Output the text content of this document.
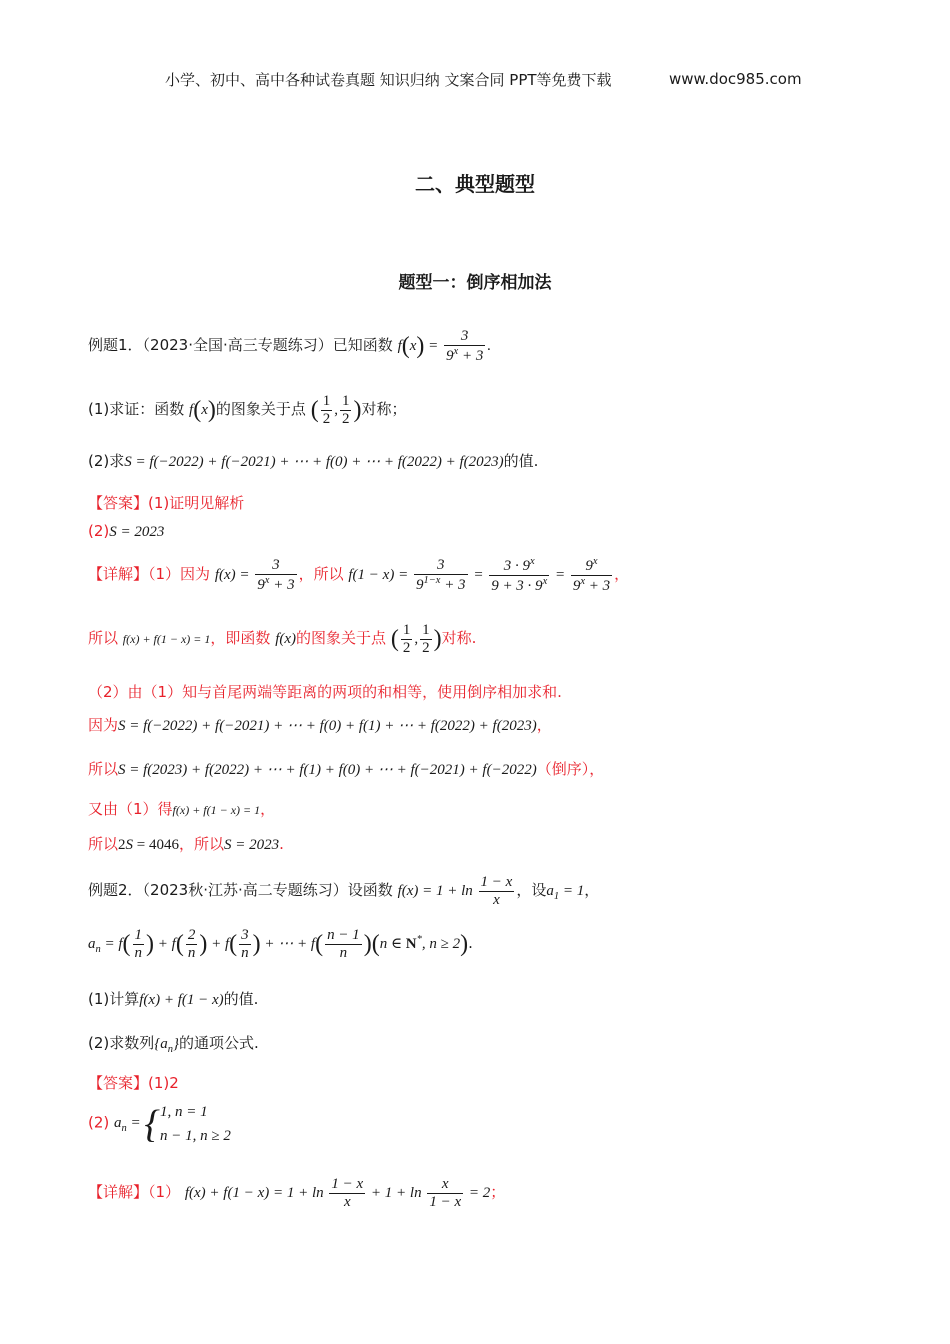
小学、初中、高中各种试卷真题 知识归纳 文案合同 PPT等免费下载	www.doc985.com
二、典型题型
题型一：倒序相加法
例题1．（2023·全国·高三专题练习）已知函数 $f(x) = \frac{3}{9^x + 3}$ .
(1)求证：函数 f(x)的图象关于点 ( $\frac{1}{2}$ , $\frac{1}{2}$ )对称；
(2)求S = f(−2022) + f(−2021) + ⋯ + f(0) + ⋯ + f(2022) + f(2023)的值.
【答案】(1)证明见解析
(2)S = 2023
【详解】（1）因为 $f(x) = \frac{3}{9^x + 3}$ ，所以 $f(1 - x) = \frac{3}{9^{1-x} + 3} = \frac{3 \cdot 9^x}{9 + 3 \cdot 9^x} = \frac{9^x}{9^x + 3}$ ，
所以 f(x) + f(1 − x) = 1，即函数 f(x)的图象关于点 ( $\frac{1}{2}$ , $\frac{1}{2}$ )对称.
（2）由（1）知与首尾两端等距离的两项的和相等，使用倒序相加求和.
因为S = f(−2022) + f(−2021) + ⋯ + f(0) + f(1) + ⋯ + f(2022) + f(2023)，
所以S = f(2023) + f(2022) + ⋯ + f(1) + f(0) + ⋯ + f(−2021) + f(−2022)（倒序），
又由（1）得f(x) + f(1 − x) = 1，
所以2S = 4046，所以S = 2023.
例题2．（2023秋·江苏·高二专题练习）设函数 $f(x) = 1 + \ln \frac{1 - x}{x}$ ，设$a_1 = 1$，
$a_n = f( \frac{1}{n}$ ) + $f( \frac{2}{n}$ ) + $f( \frac{3}{n}$ ) + ⋯ + $f( \frac{n - 1}{n} )(n$ ∈ N*, n ≥ 2).
(1)计算f(x) + f(1 − x)的值.
(2)求数列$\{a_n\}$的通项公式.
【答案】(1)2
(2) $a_n$ = { 1, n = 1
n − 1, n ≥ 2
【详解】（1） $f(x) + f(1 - x) = 1 + \ln \frac{1 - x}{x} + 1 + \ln \frac{x}{1 - x} = 2$；
